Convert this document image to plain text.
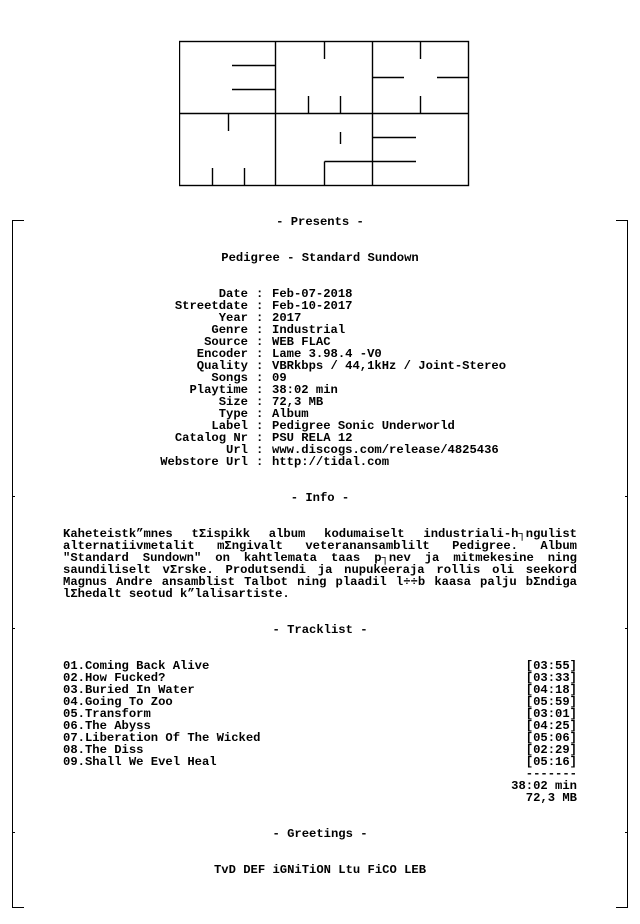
- Presents -
Pedigree - Standard Sundown
Date : Feb-07-2018
Streetdate : Feb-10-2017
Year : 2017
Genre : Industrial
Source : WEB FLAC
Encoder : Lame 3.98.4 -V0
Quality : VBRkbps / 44,1kHz / Joint-Stereo
Songs : 09
Playtime : 38:02 min
Size : 72,3 MB
Type : Album
Label : Pedigree Sonic Underworld
Catalog Nr : PSU RELA 12
Url : www.discogs.com/release/4825436
Webstore Url : http://tidal.com
- Info -
Kaheteistk”mnes tΣispikk album kodumaiselt industriali-h┐ngulist alternatiivmetalit mΣngivalt veteranansamblilt Pedigree. Album "Standard Sundown" on kahtlemata taas p┐nev ja mitmekesine ning saundiliselt vΣrske. Produtsendi ja nupukeeraja rollis oli seekord Magnus Andre ansamblist Talbot ning plaadil l÷÷b kaasa palju bΣndiga lΣhedalt seotud k”lalisartiste.
- Tracklist -
01.Coming Back Alive	[03:55]
02.How Fucked?	[03:33]
03.Buried In Water	[04:18]
04.Going To Zoo	[05:59]
05.Transform	[03:01]
06.The Abyss	[04:25]
07.Liberation Of The Wicked	[05:06]
08.The Diss	[02:29]
09.Shall We Evel Heal	[05:16]
-------
38:02 min
72,3 MB
- Greetings -
TvD DEF iGNiTiON Ltu FiCO LEB
